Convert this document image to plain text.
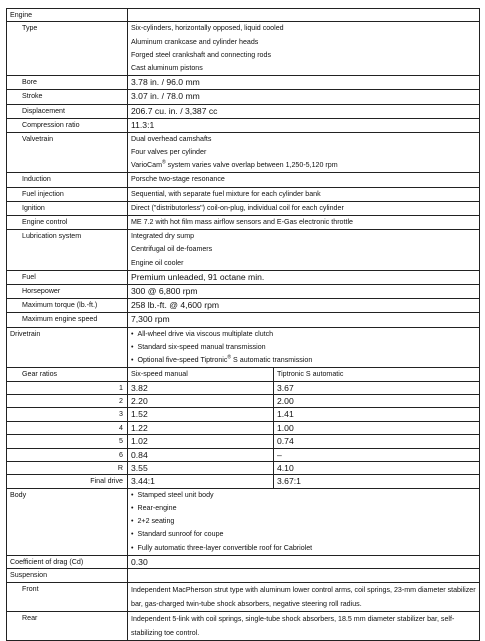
Engine	
Type	Six-cylinders, horizontally opposed, liquid cooled
Aluminum crankcase and cylinder heads
Forged steel crankshaft and connecting rods
Cast aluminum pistons

Bore	3.78 in. / 96.0 mm

Stroke	3.07 in. / 78.0 mm

Displacement	206.7 cu. in. / 3,387 cc

Compression ratio	11.3:1

Valvetrain	Dual overhead camshafts
Four valves per cylinder
VarioCam® system varies valve overlap between 1,250-5,120 rpm

Induction	Porsche two-stage resonance

Fuel injection	Sequential, with separate fuel mixture for each cylinder bank

Ignition	Direct ("distributorless") coil-on-plug, individual coil for each cylinder

Engine control	ME 7.2 with hot film mass airflow sensors and E-Gas electronic throttle

Lubrication system	Integrated dry sump
Centrifugal oil de-foamers
Engine oil cooler

Fuel	Premium unleaded, 91 octane min.

Horsepower	300 @ 6,800 rpm

Maximum torque (lb.-ft.)	258 lb.-ft. @ 4,600 rpm

Maximum engine speed	7,300 rpm

Drivetrain	
•All-wheel drive via viscous multiplate clutch
• Standard six-speed manual transmission
• Optional five-speed Tiptronic® S automatic transmission

Gear ratios		Six-speed manual	Tiptronic S automatic

1	3.82	3.67

2	2.20	2.00

3	1.52	1.41

4	1.22	1.00

5	1.02	0.74

6	0.84	–

R	3.55	4.10

Final drive	3.44:1	3.67:1

Body	
•Stamped steel unit body
• Rear-engine
• 2+2 seating
• Standard sunroof for coupe
• Fully automatic three-layer convertible roof for Cabriolet

Coefficient of drag (Cd)	0.30
Suspension	
Front	Independent MacPherson strut type with aluminum lower control arms, coil springs, 23-mm diameter stabilizer bar, gas-charged twin-tube shock absorbers, negative steering roll radius.
Rear	Independent 5-link with coil springs, single-tube shock absorbers, 18.5 mm diameter stabilizer bar, self-stabilizing toe control.
